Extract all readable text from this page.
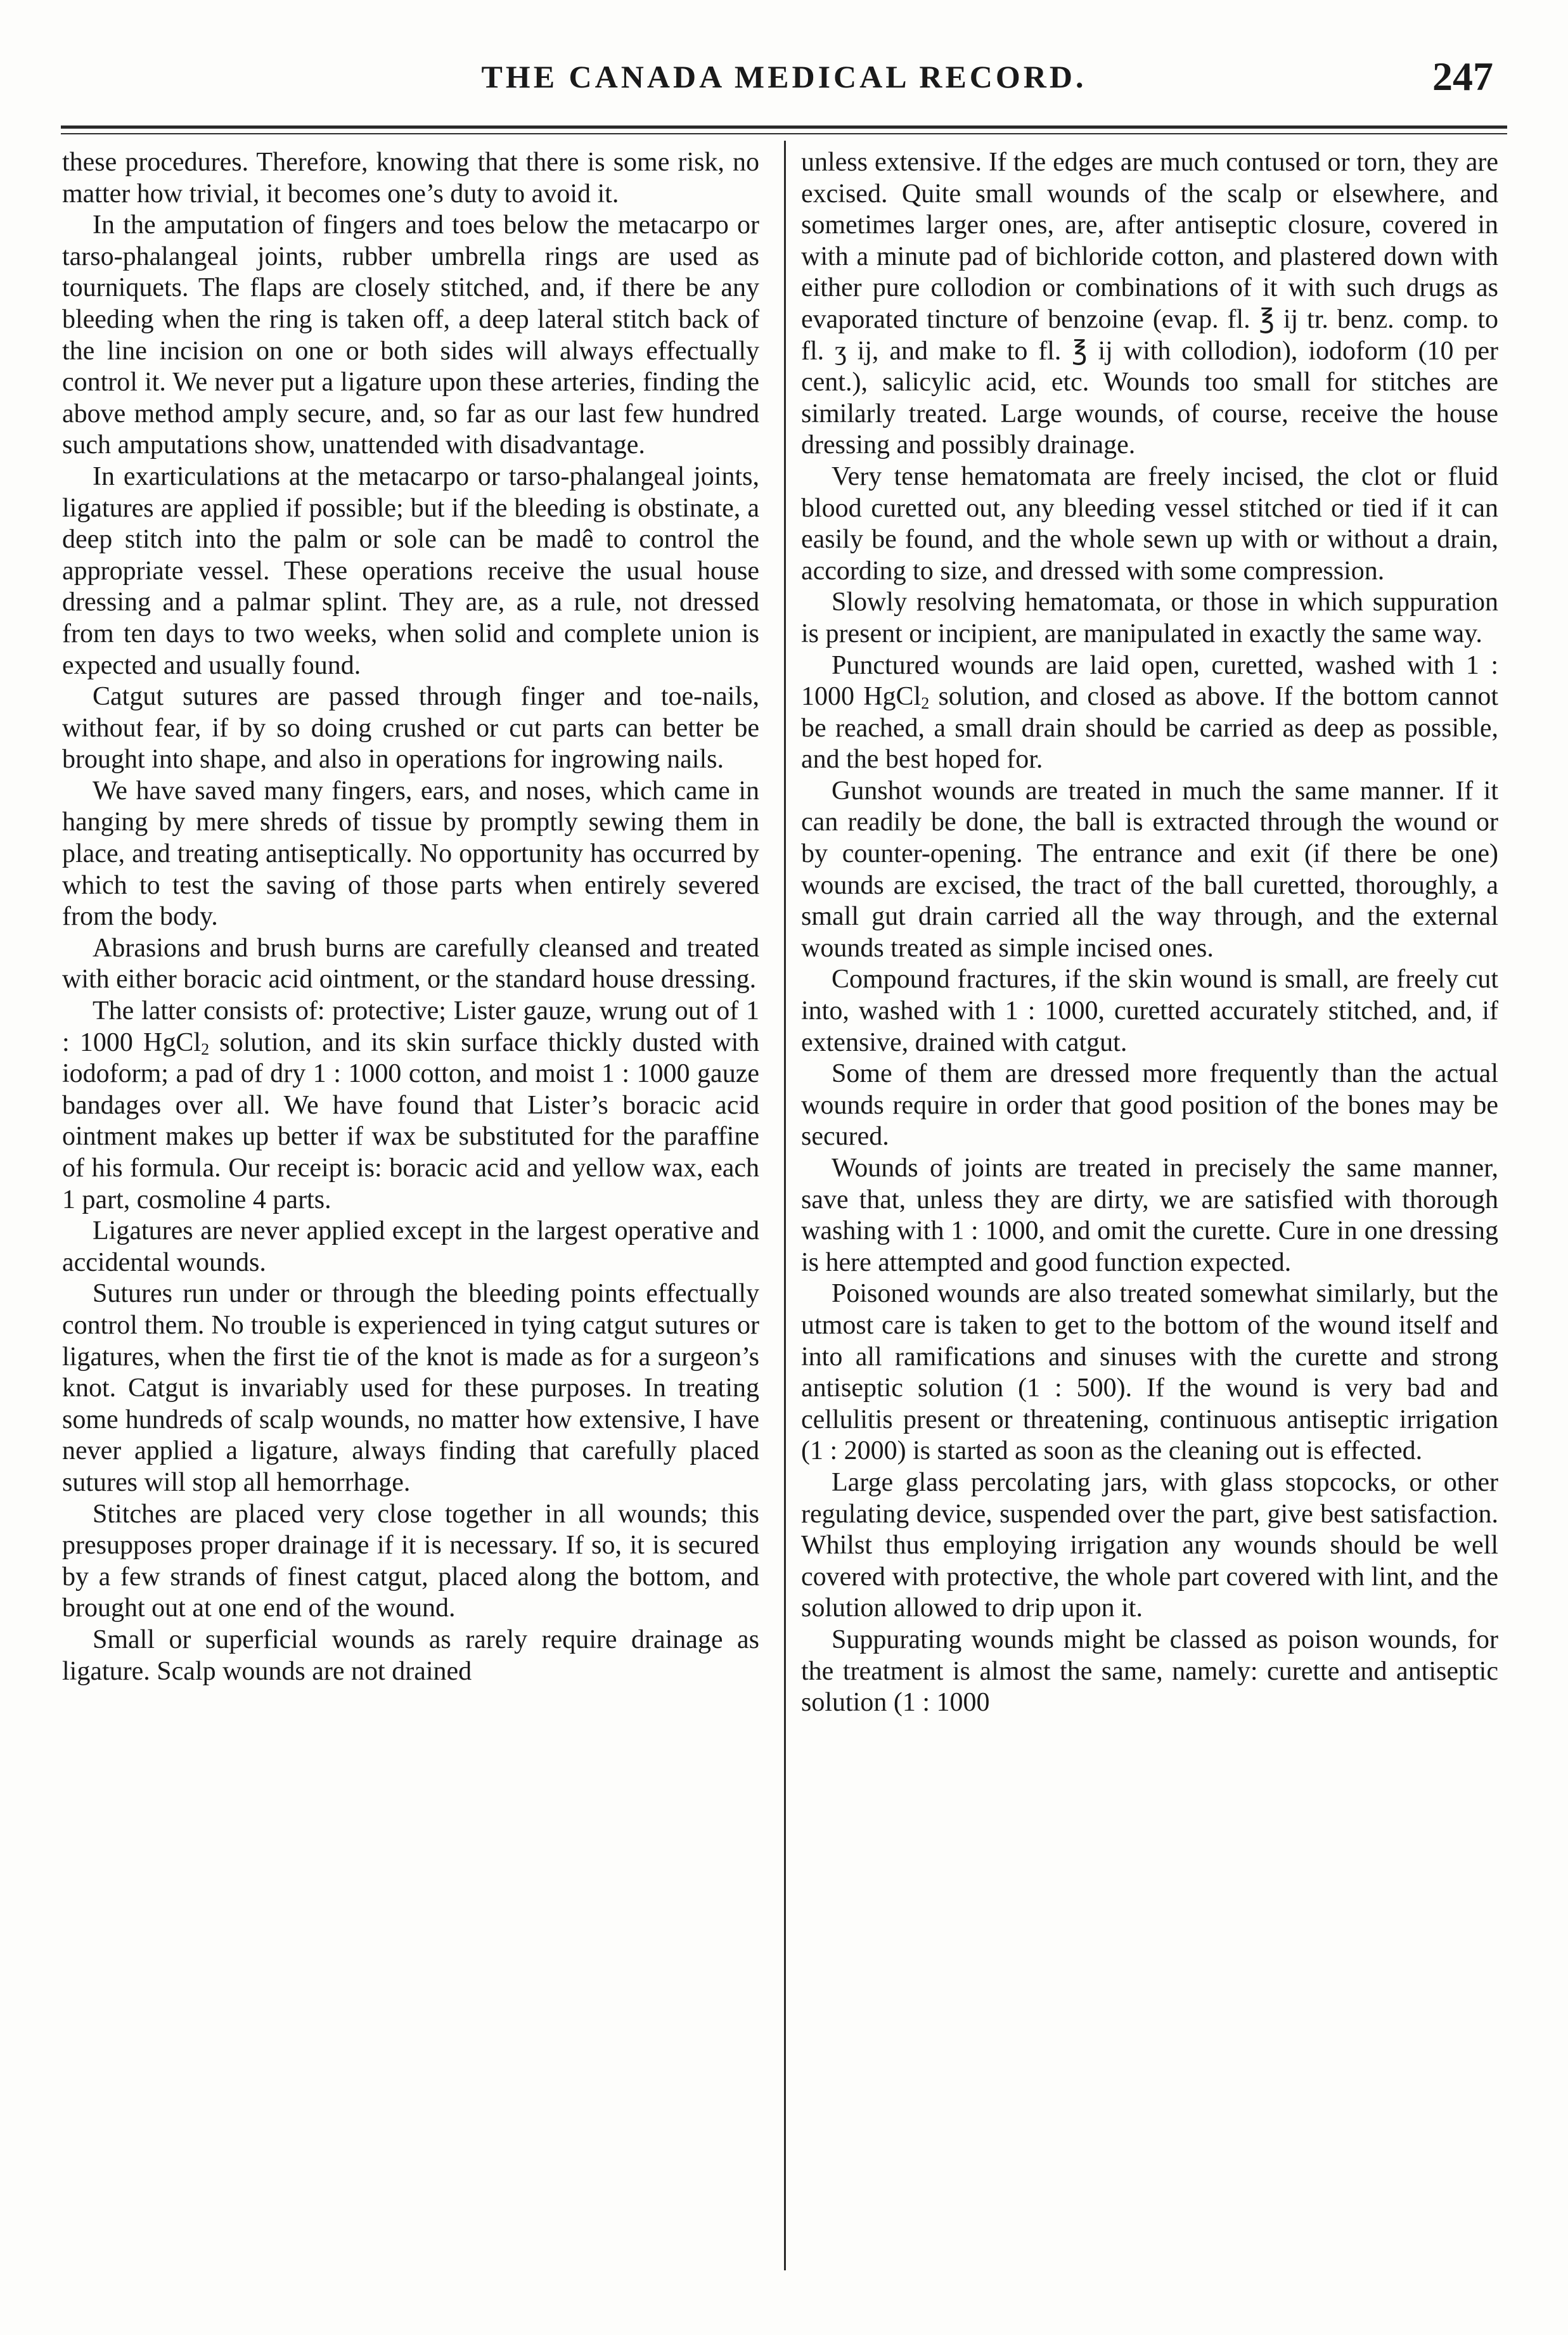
THE CANADA MEDICAL RECORD.	247

these procedures. Therefore, knowing that there is some risk, no matter how trivial, it becomes one’s duty to avoid it.

In the amputation of fingers and toes below the metacarpo or tarso-phalangeal joints, rubber umbrella rings are used as tourniquets. The flaps are closely stitched, and, if there be any bleeding when the ring is taken off, a deep lateral stitch back of the line incision on one or both sides will always effectually control it. We never put a ligature upon these arteries, finding the above method amply secure, and, so far as our last few hundred such amputations show, unattended with disadvantage.

In exarticulations at the metacarpo or tarso-phalangeal joints, ligatures are applied if possible; but if the bleeding is obstinate, a deep stitch into the palm or sole can be madê to control the appropriate vessel. These operations receive the usual house dressing and a palmar splint. They are, as a rule, not dressed from ten days to two weeks, when solid and complete union is expected and usually found.

Catgut sutures are passed through finger and toe-nails, without fear, if by so doing crushed or cut parts can better be brought into shape, and also in operations for ingrowing nails.

We have saved many fingers, ears, and noses, which came in hanging by mere shreds of tissue by promptly sewing them in place, and treating antiseptically. No opportunity has occurred by which to test the saving of those parts when entirely severed from the body.

Abrasions and brush burns are carefully cleansed and treated with either boracic acid ointment, or the standard house dressing.

The latter consists of: protective; Lister gauze, wrung out of 1 : 1000 HgCl$_2$ solution, and its skin surface thickly dusted with iodoform; a pad of dry 1 : 1000 cotton, and moist 1 : 1000 gauze bandages over all. We have found that Lister’s boracic acid ointment makes up better if wax be substituted for the paraffine of his formula. Our receipt is: boracic acid and yellow wax, each 1 part, cosmoline 4 parts.

Ligatures are never applied except in the largest operative and accidental wounds.

Sutures run under or through the bleeding points effectually control them. No trouble is experienced in tying catgut sutures or ligatures, when the first tie of the knot is made as for a surgeon’s knot. Catgut is invariably used for these purposes. In treating some hundreds of scalp wounds, no matter how extensive, I have never applied a ligature, always finding that carefully placed sutures will stop all hemorrhage.

Stitches are placed very close together in all wounds; this presupposes proper drainage if it is necessary. If so, it is secured by a few strands of finest catgut, placed along the bottom, and brought out at one end of the wound.

Small or superficial wounds as rarely require drainage as ligature. Scalp wounds are not drained

unless extensive. If the edges are much contused or torn, they are excised. Quite small wounds of the scalp or elsewhere, and sometimes larger ones, are, after antiseptic closure, covered in with a minute pad of bichloride cotton, and plastered down with either pure collodion or combinations of it with such drugs as evaporated tincture of benzoine (evap. fl. ℥ ij tr. benz. comp. to fl. ʒ ij, and make to fl. ℥ ij with collodion), iodoform (10 per cent.), salicylic acid, etc. Wounds too small for stitches are similarly treated. Large wounds, of course, receive the house dressing and possibly drainage.

Very tense hematomata are freely incised, the clot or fluid blood curetted out, any bleeding vessel stitched or tied if it can easily be found, and the whole sewn up with or without a drain, according to size, and dressed with some compression.

Slowly resolving hematomata, or those in which suppuration is present or incipient, are manipulated in exactly the same way.

Punctured wounds are laid open, curetted, washed with 1 : 1000 HgCl$_2$ solution, and closed as above. If the bottom cannot be reached, a small drain should be carried as deep as possible, and the best hoped for.

Gunshot wounds are treated in much the same manner. If it can readily be done, the ball is extracted through the wound or by counter-opening. The entrance and exit (if there be one) wounds are excised, the tract of the ball curetted, thoroughly, a small gut drain carried all the way through, and the external wounds treated as simple incised ones.

Compound fractures, if the skin wound is small, are freely cut into, washed with 1 : 1000, curetted accurately stitched, and, if extensive, drained with catgut.

Some of them are dressed more frequently than the actual wounds require in order that good position of the bones may be secured.

Wounds of joints are treated in precisely the same manner, save that, unless they are dirty, we are satisfied with thorough washing with 1 : 1000, and omit the curette. Cure in one dressing is here attempted and good function expected.

Poisoned wounds are also treated somewhat similarly, but the utmost care is taken to get to the bottom of the wound itself and into all ramifications and sinuses with the curette and strong antiseptic solution (1 : 500). If the wound is very bad and cellulitis present or threatening, continuous antiseptic irrigation (1 : 2000) is started as soon as the cleaning out is effected.

Large glass percolating jars, with glass stopcocks, or other regulating device, suspended over the part, give best satisfaction. Whilst thus employing irrigation any wounds should be well covered with protective, the whole part covered with lint, and the solution allowed to drip upon it.

Suppurating wounds might be classed as poison wounds, for the treatment is almost the same, namely: curette and antiseptic solution (1 : 1000
